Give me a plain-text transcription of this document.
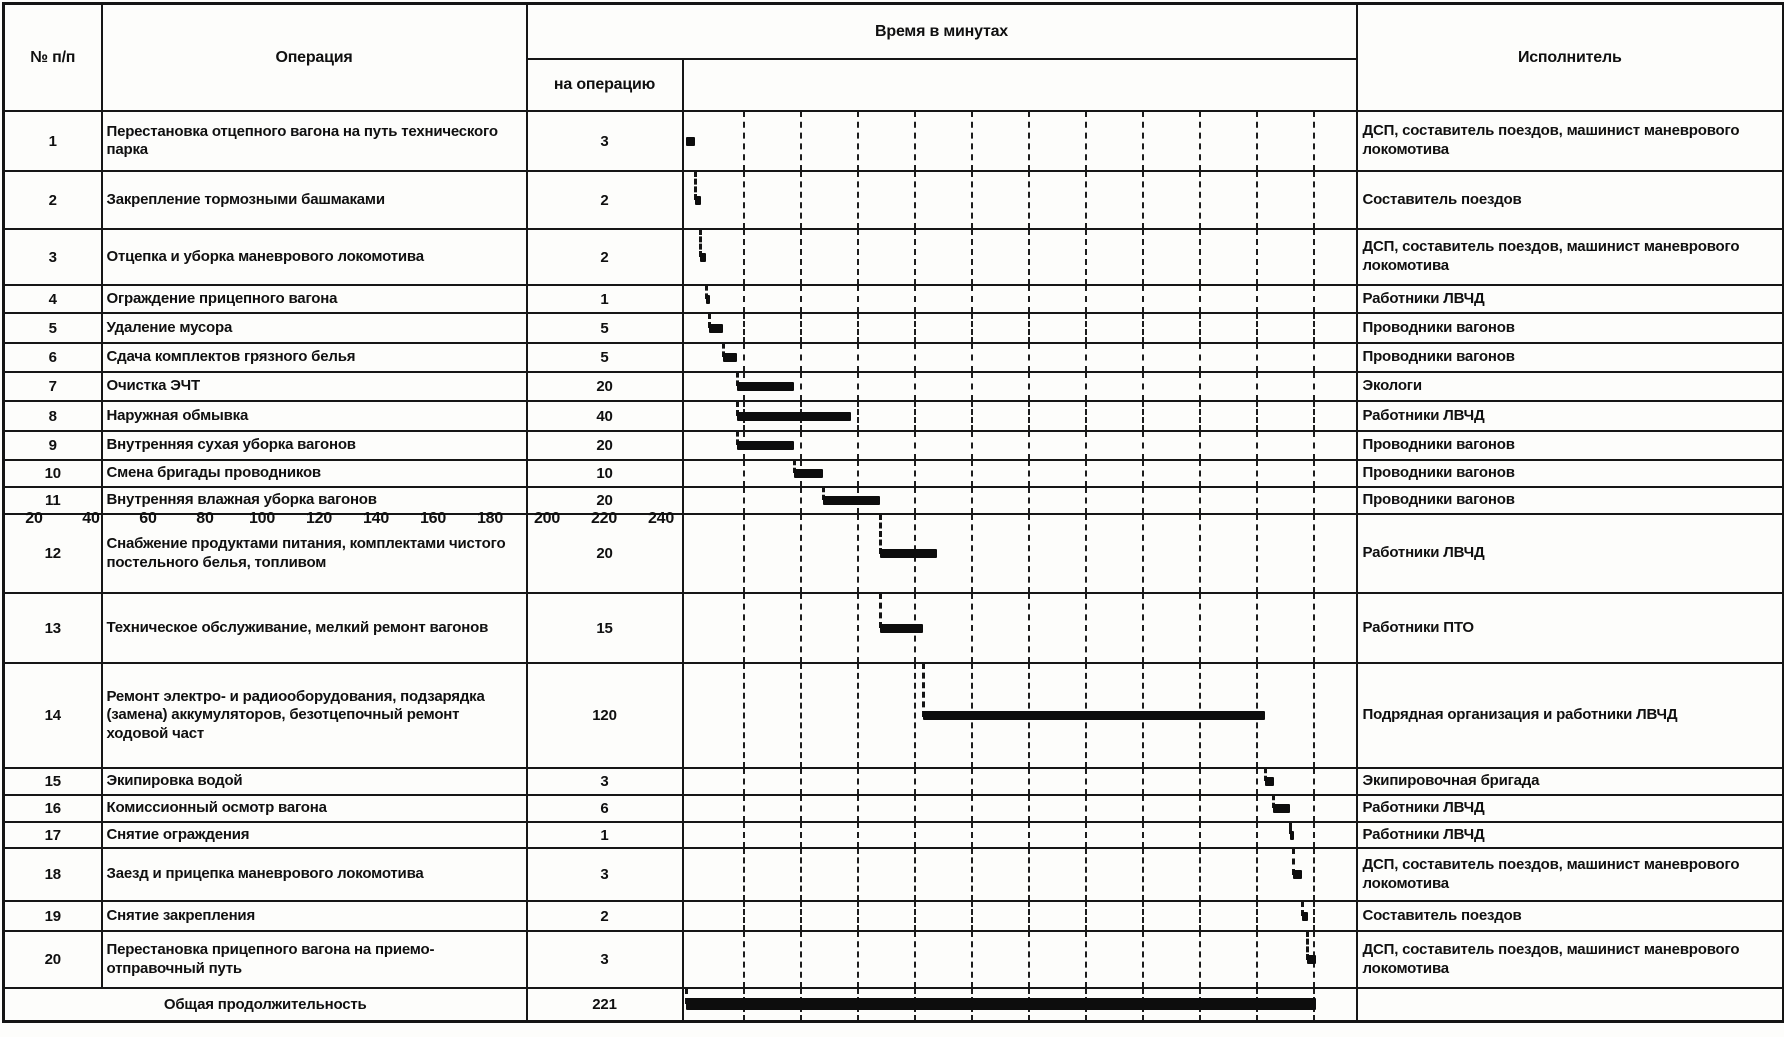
№ п/п	Операция	Время в минутах		Исполнитель
на операцию	
20	40	60	80	100	120	140	160	180	200	220	240

1	Перестановка отцепного вагона на путь технического парка	3		ДСП, составитель поездов, машинист маневрового локомотива
2	Закрепление тормозными башмаками	2		Составитель поездов
3	Отцепка и уборка маневрового локомотива	2		ДСП, составитель поездов, машинист маневрового локомотива
4	Ограждение прицепного вагона	1		Работники ЛВЧД
5	Удаление мусора	5		Проводники вагонов
6	Сдача комплектов грязного белья	5		Проводники вагонов
7	Очистка ЭЧТ	20		Экологи
8	Наружная обмывка	40		Работники ЛВЧД
9	Внутренняя сухая уборка вагонов	20		Проводники вагонов
10	Смена бригады проводников	10		Проводники вагонов
11	Внутренняя влажная уборка вагонов	20		Проводники вагонов
12	Снабжение продуктами питания, комплектами чистого постельного белья, топливом	20		Работники ЛВЧД
13	Техническое обслуживание, мелкий ремонт вагонов	15		Работники ПТО
14	Ремонт электро- и радиооборудования, подзарядка (замена) аккумуляторов, безотцепочный ремонт ходовой част	120		Подрядная организация и работники ЛВЧД
15	Экипировка водой	3		Экипировочная бригада
16	Комиссионный осмотр вагона	6		Работники ЛВЧД
17	Снятие ограждения	1		Работники ЛВЧД
18	Заезд и прицепка маневрового локомотива	3		ДСП, составитель поездов, машинист маневрового локомотива
19	Снятие закрепления	2		Составитель поездов
20	Перестановка прицепного вагона на приемо-отправочный путь	3		ДСП, составитель поездов, машинист маневрового локомотива
Общая продолжительность		221	
